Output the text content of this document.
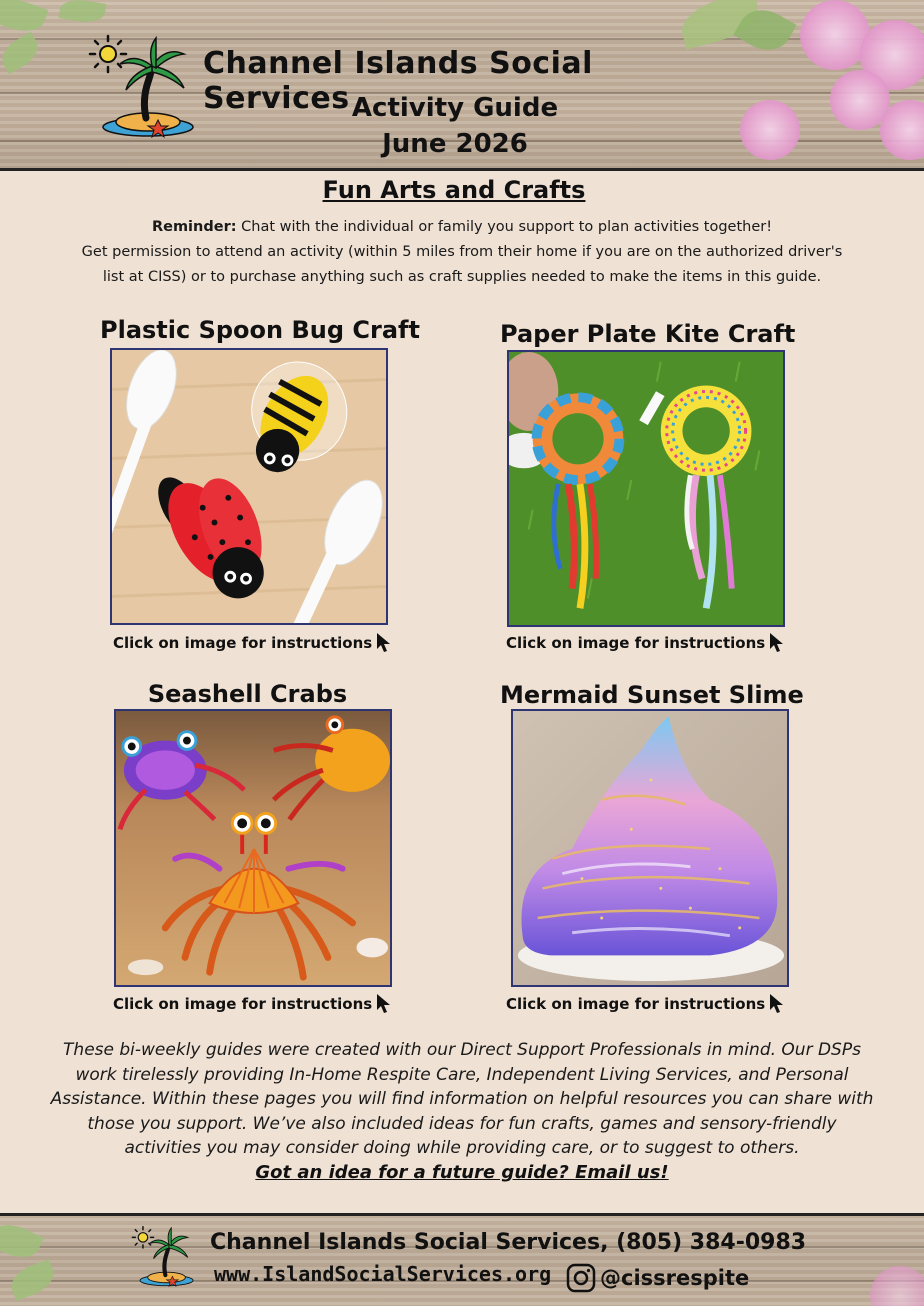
Channel Islands Social Services Activity Guide
June 2026
Fun Arts and Crafts
Reminder: Chat with the individual or family you support to plan activities together!
Get permission to attend an activity (within 5 miles from their home if you are on the authorized driver's
list at CISS) or to purchase anything such as craft supplies needed to make the items in this guide.
Plastic Spoon Bug Craft
Click on image for instructions
Paper Plate Kite Craft
Click on image for instructions
Seashell Crabs
Click on image for instructions
Mermaid Sunset Slime
Click on image for instructions
These bi-weekly guides were created with our Direct Support Professionals in mind. Our DSPs
work tirelessly providing In-Home Respite Care, Independent Living Services, and Personal
Assistance. Within these pages you will find information on helpful resources you can share with
those you support. We’ve also included ideas for fun crafts, games and sensory-friendly
activities you may consider doing while providing care, or to suggest to others.
Got an idea for a future guide? Email us!
Channel Islands Social Services, (805) 384-0983
www.IslandSocialServices.org @cissrespite
